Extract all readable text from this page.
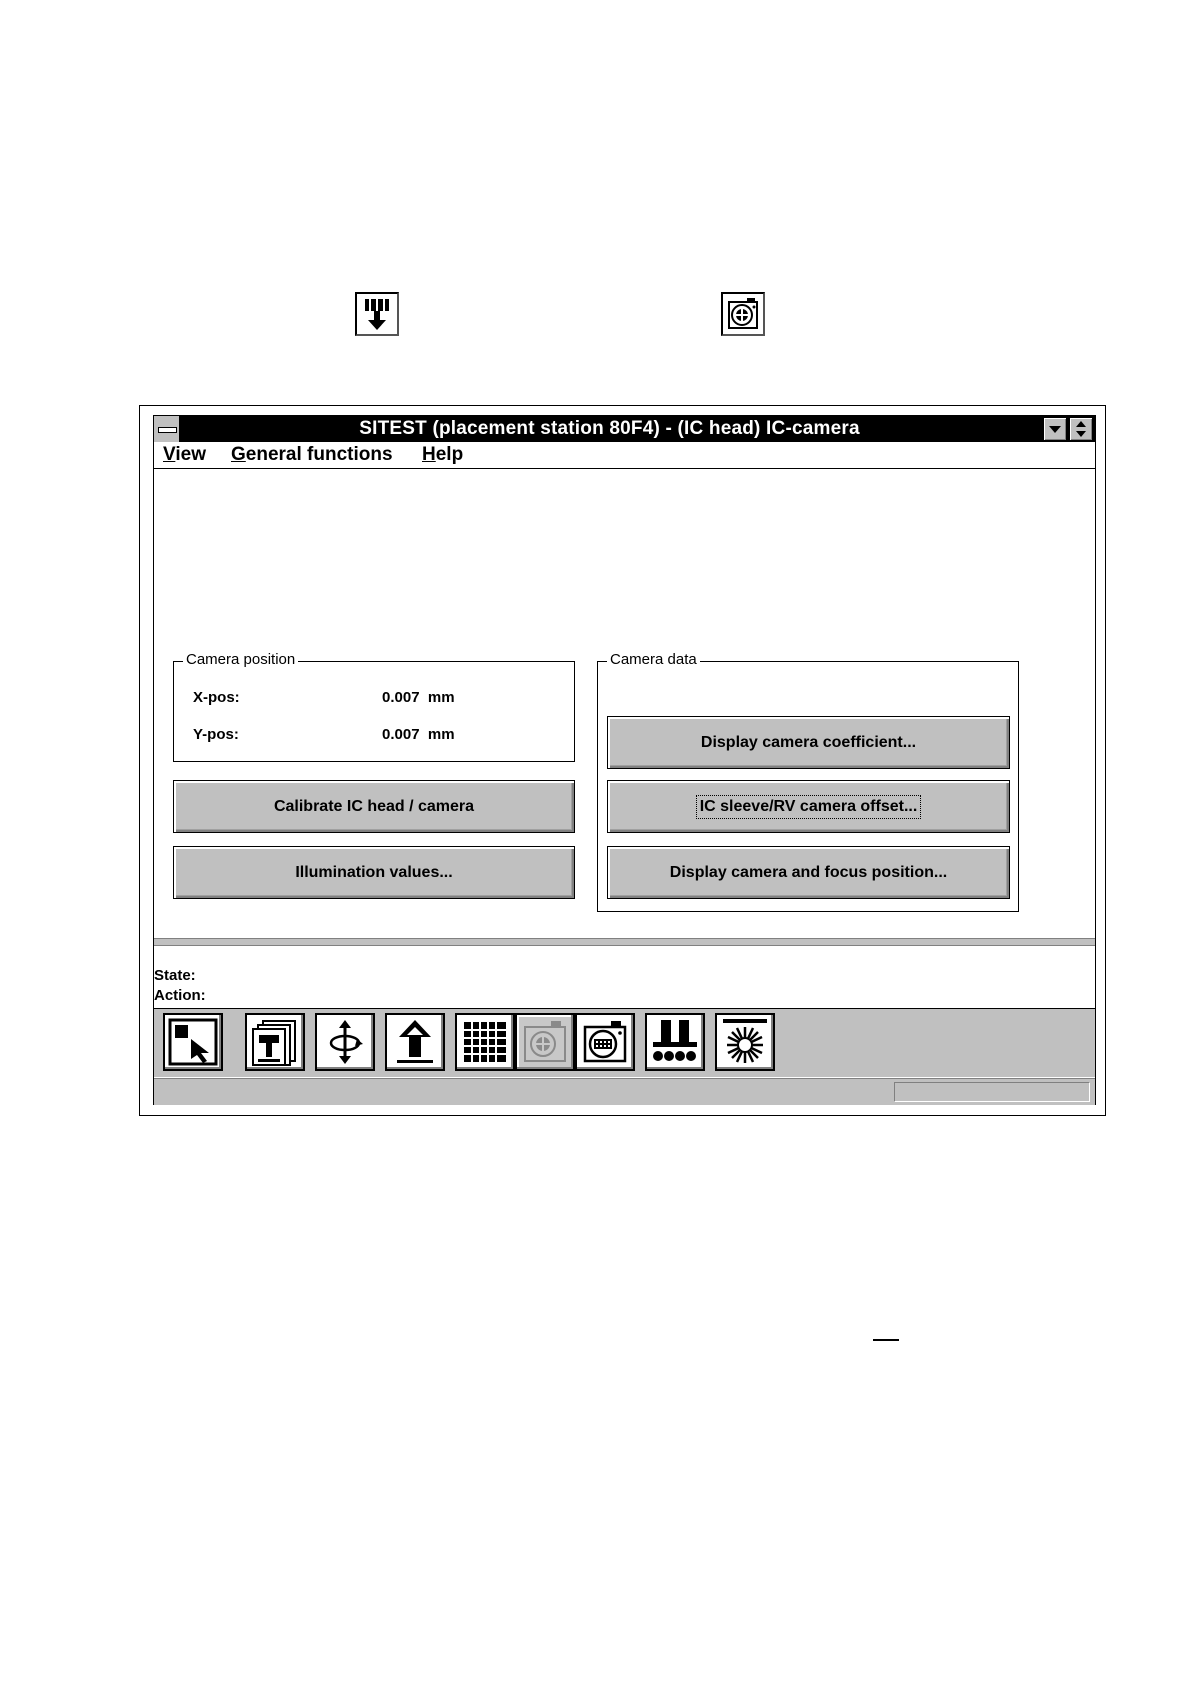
SITEST (placement station 80F4) - (IC head) IC-camera
View General functions Help
Camera position
X-pos:	0.007  mm
Y-pos:	0.007  mm
Calibrate IC head / camera
Illumination values...
Camera data
Display camera coefficient...
IC sleeve/RV camera offset...
Display camera and focus position...
State:
Action:
